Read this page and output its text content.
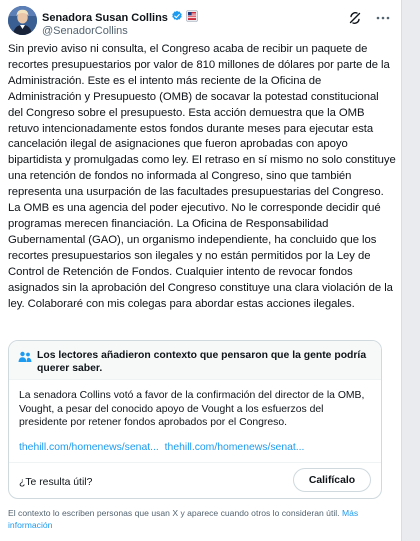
Senadora Susan Collins
@SenadorCollins
Sin previo aviso ni consulta, el Congreso acaba de recibir un paquete de recortes presupuestarios por valor de 810 millones de dólares por parte de la Administración. Este es el intento más reciente de la Oficina de Administración y Presupuesto (OMB) de socavar la potestad constitucional del Congreso sobre el presupuesto. Esta acción demuestra que la OMB retuvo intencionadamente estos fondos durante meses para ejecutar esta cancelación ilegal de asignaciones que fueron aprobadas con apoyo bipartidista y promulgadas como ley. El retraso en sí mismo no solo constituye una retención de fondos no informada al Congreso, sino que también representa una usurpación de las facultades presupuestarias del Congreso. La OMB es una agencia del poder ejecutivo. No le corresponde decidir qué programas merecen financiación. La Oficina de Responsabilidad Gubernamental (GAO), un organismo independiente, ha concluido que los recortes presupuestarios son ilegales y no están permitidos por la Ley de Control de Retención de Fondos. Cualquier intento de revocar fondos asignados sin la aprobación del Congreso constituye una clara violación de la ley. Colaboraré con mis colegas para abordar estas acciones ilegales.
Los lectores añadieron contexto que pensaron que la gente podría querer saber.
La senadora Collins votó a favor de la confirmación del director de la OMB, Vought, a pesar del conocido apoyo de Vought a los esfuerzos del presidente por retener fondos aprobados por el Congreso.
thehill.com/homenews/senat... thehill.com/homenews/senat...
¿Te resulta útil?	Califícalo
El contexto lo escriben personas que usan X y aparece cuando otros lo consideran útil. Más información
